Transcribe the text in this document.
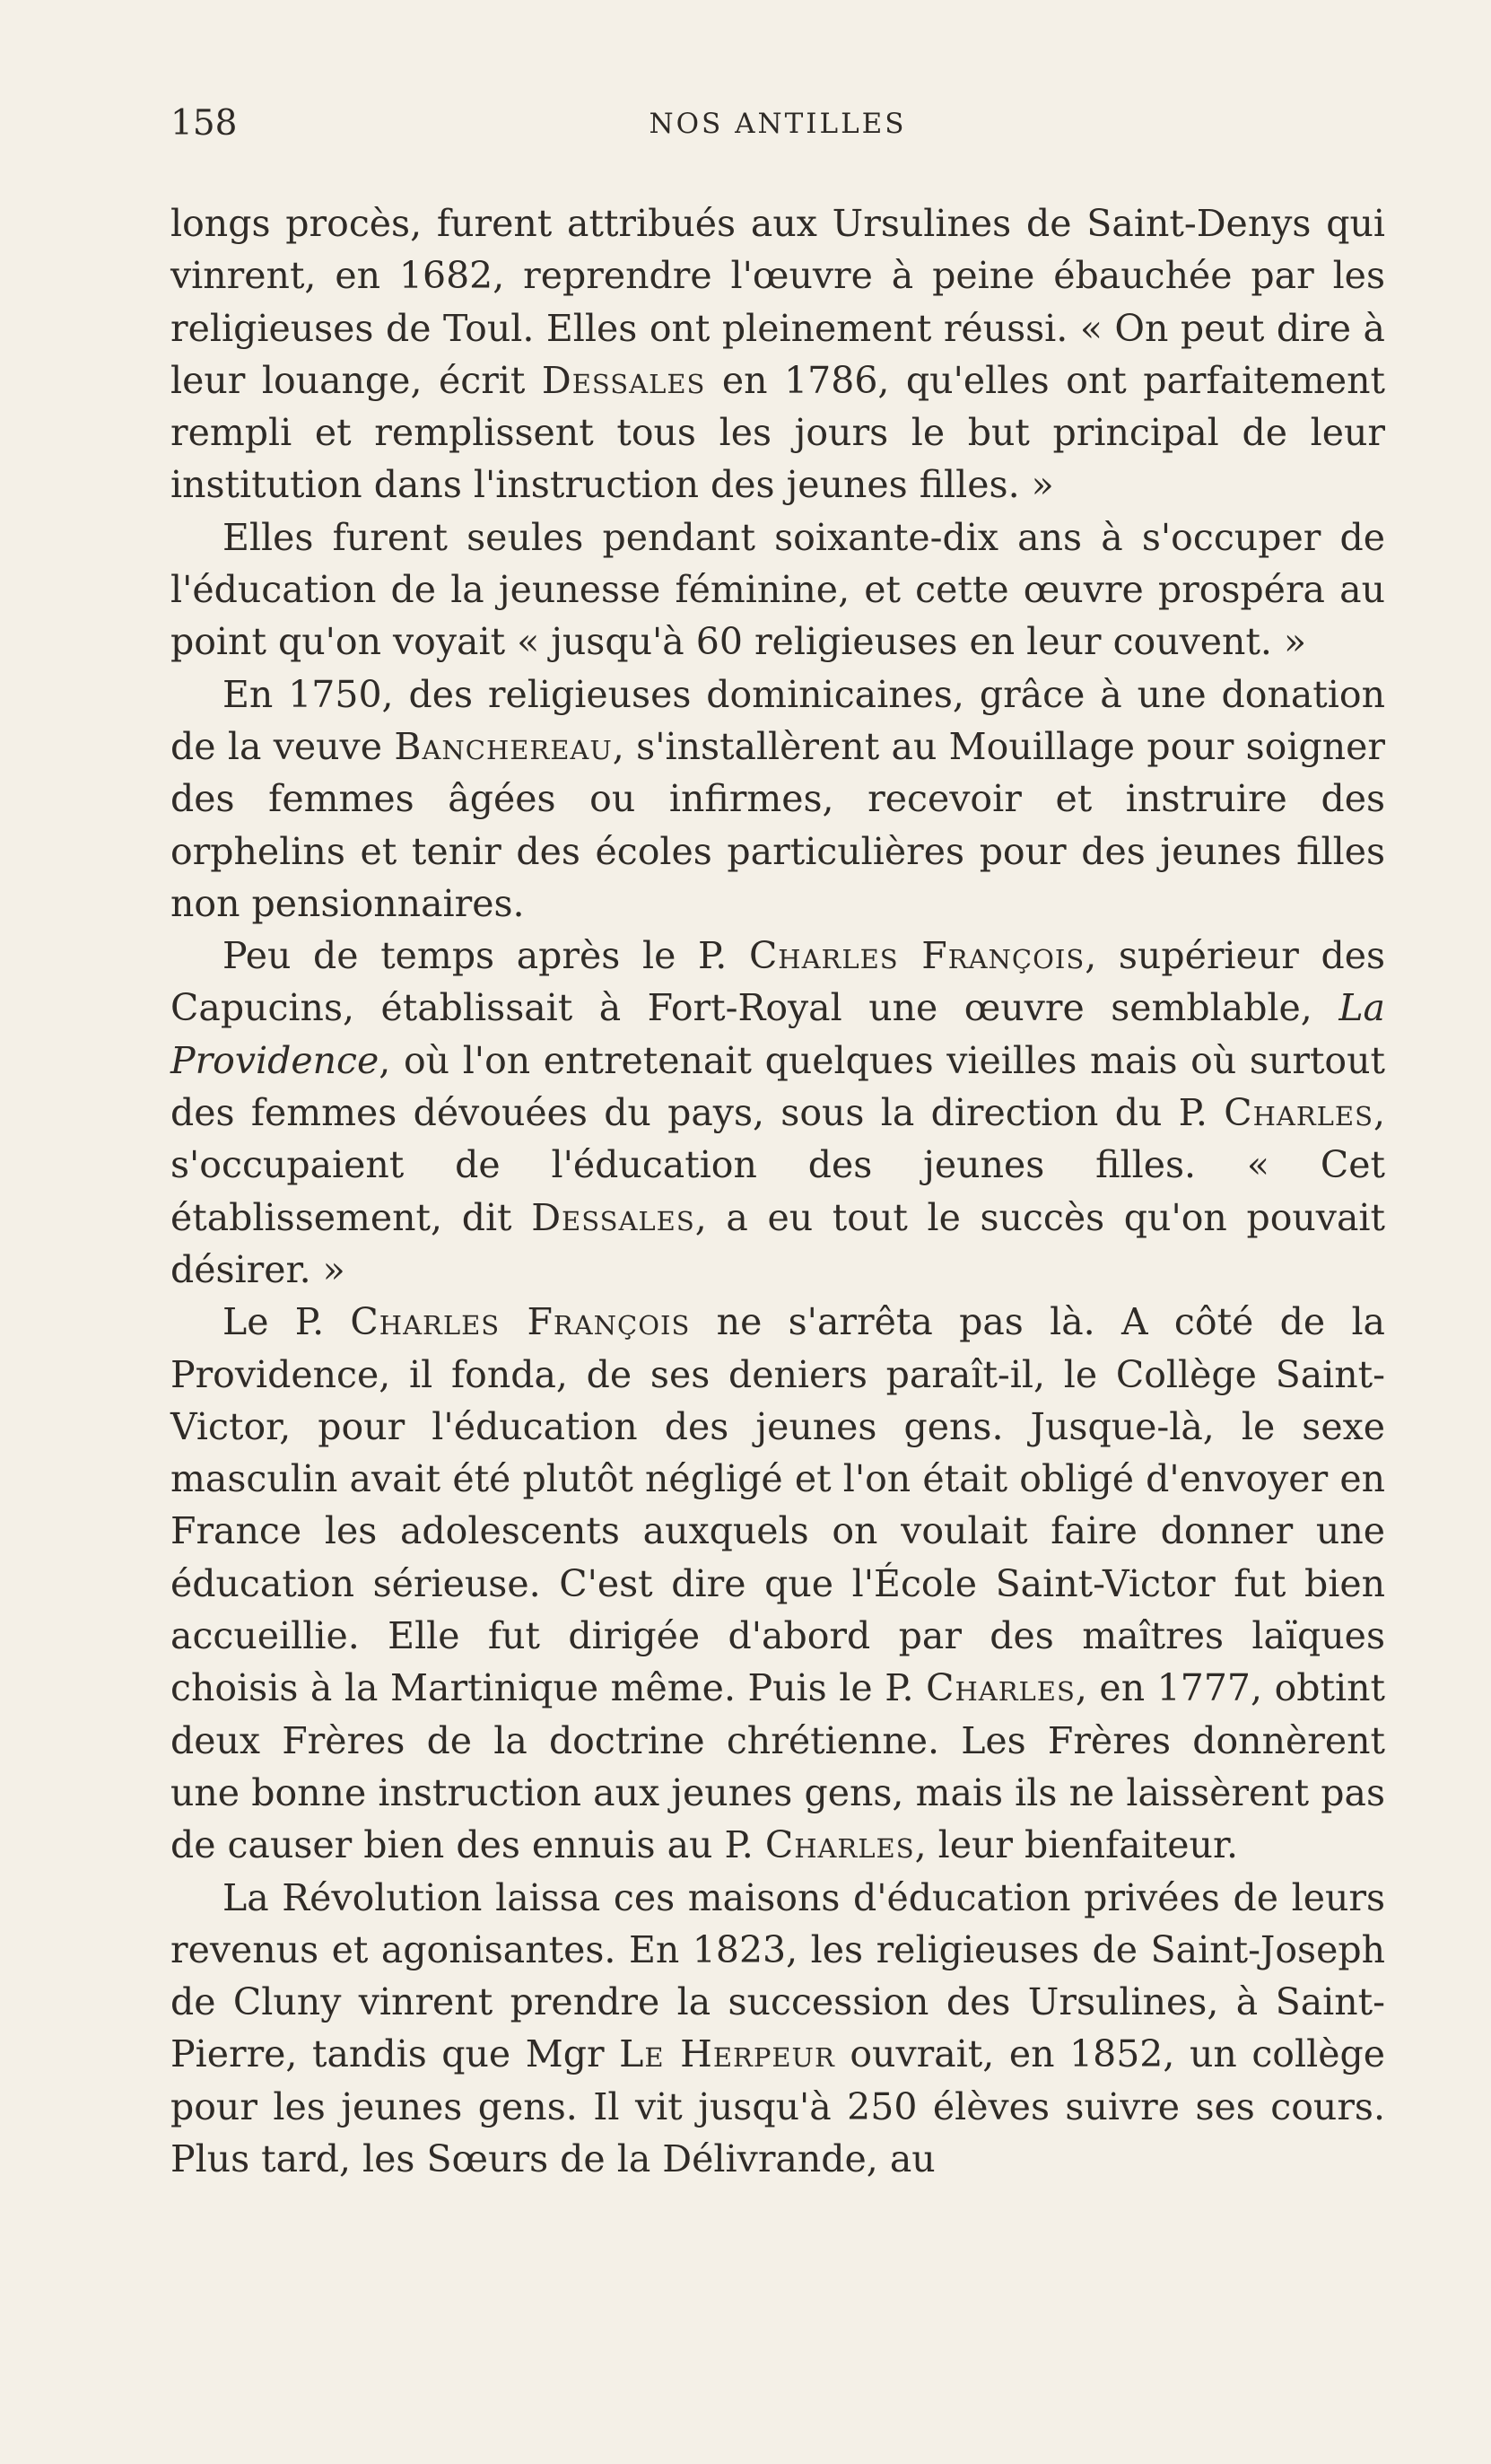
158	NOS ANTILLES

longs procès, furent attribués aux Ursulines de Saint-Denys qui vinrent, en 1682, reprendre l'œuvre à peine ébauchée par les religieuses de Toul. Elles ont pleinement réussi. « On peut dire à leur louange, écrit Dessales en 1786, qu'elles ont parfaitement rempli et remplissent tous les jours le but principal de leur institution dans l'instruction des jeunes filles. »

Elles furent seules pendant soixante-dix ans à s'occuper de l'éducation de la jeunesse féminine, et cette œuvre prospéra au point qu'on voyait « jusqu'à 60 religieuses en leur couvent. »

En 1750, des religieuses dominicaines, grâce à une donation de la veuve Banchereau, s'installèrent au Mouillage pour soigner des femmes âgées ou infirmes, recevoir et instruire des orphelins et tenir des écoles particulières pour des jeunes filles non pensionnaires.

Peu de temps après le P. Charles François, supérieur des Capucins, établissait à Fort-Royal une œuvre semblable, La Providence, où l'on entretenait quelques vieilles mais où surtout des femmes dévouées du pays, sous la direction du P. Charles, s'occupaient de l'éducation des jeunes filles. « Cet établissement, dit Dessales, a eu tout le succès qu'on pouvait désirer. »

Le P. Charles François ne s'arrêta pas là. A côté de la Providence, il fonda, de ses deniers paraît-il, le Collège Saint-Victor, pour l'éducation des jeunes gens. Jusque-là, le sexe masculin avait été plutôt négligé et l'on était obligé d'envoyer en France les adolescents auxquels on voulait faire donner une éducation sérieuse. C'est dire que l'École Saint-Victor fut bien accueillie. Elle fut dirigée d'abord par des maîtres laïques choisis à la Martinique même. Puis le P. Charles, en 1777, obtint deux Frères de la doctrine chrétienne. Les Frères donnèrent une bonne instruction aux jeunes gens, mais ils ne laissèrent pas de causer bien des ennuis au P. Charles, leur bienfaiteur.

La Révolution laissa ces maisons d'éducation privées de leurs revenus et agonisantes. En 1823, les religieuses de Saint-Joseph de Cluny vinrent prendre la succession des Ursulines, à Saint-Pierre, tandis que Mgr Le Herpeur ouvrait, en 1852, un collège pour les jeunes gens. Il vit jusqu'à 250 élèves suivre ses cours. Plus tard, les Sœurs de la Délivrande, au
